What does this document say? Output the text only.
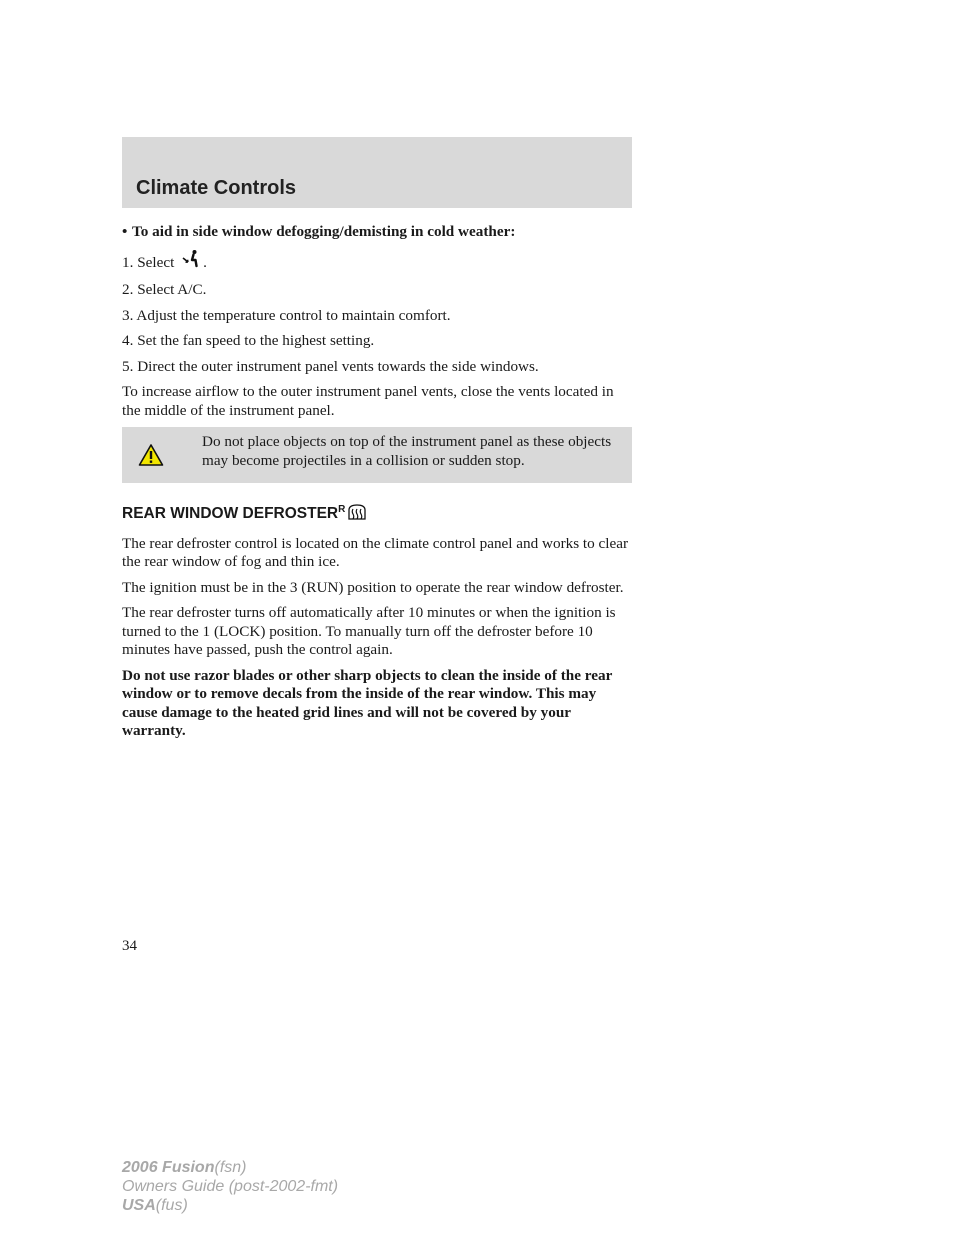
Climate Controls
• To aid in side window defogging/demisting in cold weather:
1. Select .
2. Select A/C.
3. Adjust the temperature control to maintain comfort.
4. Set the fan speed to the highest setting.
5. Direct the outer instrument panel vents towards the side windows.
To increase airflow to the outer instrument panel vents, close the vents located in the middle of the instrument panel.
Do not place objects on top of the instrument panel as these objects may become projectiles in a collision or sudden stop.
REAR WINDOW $DEFROSTER^R$
The rear defroster control is located on the climate control panel and works to clear the rear window of fog and thin ice.
The ignition must be in the 3 (RUN) position to operate the rear window defroster.
The rear defroster turns off automatically after 10 minutes or when the ignition is turned to the 1 (LOCK) position. To manually turn off the defroster before 10 minutes have passed, push the control again.
Do not use razor blades or other sharp objects to clean the inside of the rear window or to remove decals from the inside of the rear window. This may cause damage to the heated grid lines and will not be covered by your warranty.
34
2006 Fusion(fsn)
Owners Guide (post-2002-fmt)
USA(fus)
